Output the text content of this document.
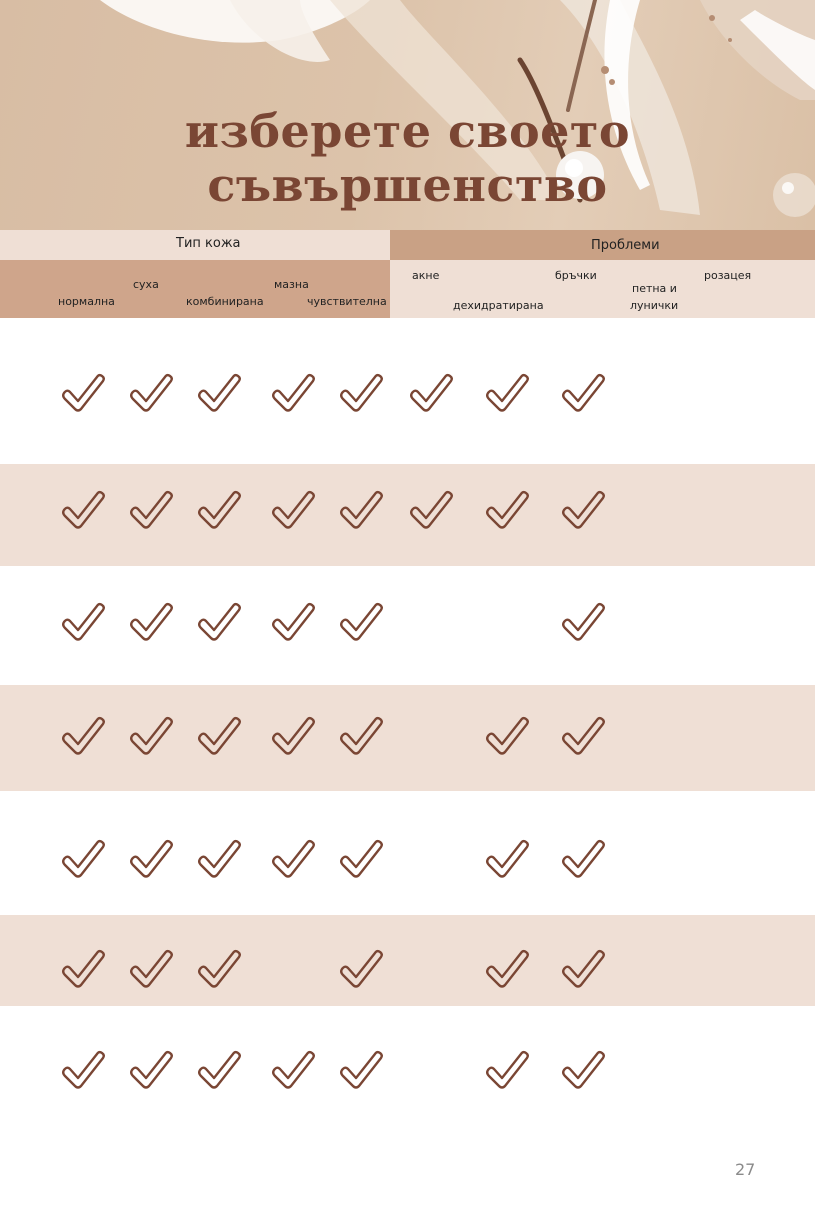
изберете своето
съвършенство
Тип кожа	Проблеми
нормална
суха
комбинирана
мазна
чувствителна
акне
дехидратирана
бръчки
петна и
лунички
розацея
27
